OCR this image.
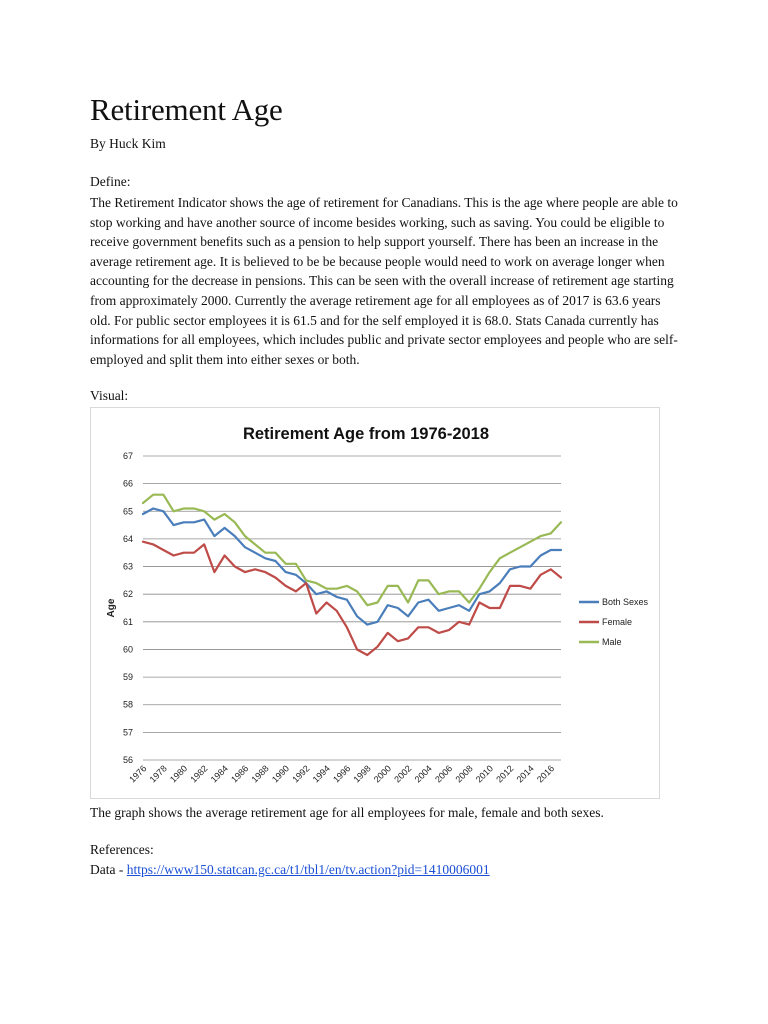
Retirement Age
By Huck Kim
Define:

The Retirement Indicator shows the age of retirement for Canadians. This is the age where people are able to stop working and have another source of income besides working, such as saving. You could be eligible to receive government benefits such as a pension to help support yourself. There has been an increase in the average retirement age. It is believed to be be because people would need to work on average longer when accounting for the decrease in pensions. This can be seen with the overall increase of retirement age starting from approximately 2000. Currently the average retirement age for all employees as of 2017 is 63.6 years old. For public sector employees it is 61.5 and for the self employed it is 68.0. Stats Canada currently has informations for all employees, which includes public and private sector employees and people who are self-employed and split them into either sexes or both.

Visual:
Retirement Age from 1976-2018
56
57
58
59
60
61
62
63
64
65
66
67
1976 1978 1980 1982 1984 1986 1988 1990 1992 1994 1996 1998 2000 2002 2004 2006 2008 2010 2012 2014 2016
Age	Both Sexes
Female
Male
The graph shows the average retirement age for all employees for male, female and both sexes.
References:
Data - https://www150.statcan.gc.ca/t1/tbl1/en/tv.action?pid=1410006001
